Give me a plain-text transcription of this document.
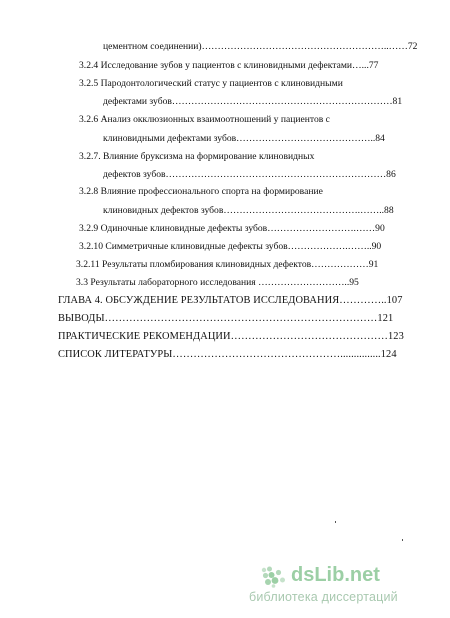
цементном соединении)…………………………………………………..……72
3.2.4 Исследование зубов у пациентов с клиновидными дефектами…...77
3.2.5 Пародонтологический статус у пациентов с клиновидными
дефектами зубов……………………………………………………………81
3.2.6 Анализ окклюзионных взаимоотношений у пациентов с
клиновидными дефектами зубов……………………………………..84
3.2.7. Влияние бруксизма на формирование клиновидных
дефектов зубов……………………………………………………………86
3.2.8 Влияние профессионального спорта на формирование
клиновидных дефектов зубов…………………………………….……..88
3.2.9 Одиночные клиновидные дефекты зубов……………………….……90
3.2.10 Симметричные клиновидные дефекты зубов……………….……..90
3.2.11 Результаты пломбирования клиновидных дефектов………………91
3.3 Результаты лабораторного исследования ………………………..95
ГЛАВА 4. ОБСУЖДЕНИЕ РЕЗУЛЬТАТОВ ИССЛЕДОВАНИЯ…………..107
ВЫВОДЫ……………………………………………………………………121
ПРАКТИЧЕСКИЕ РЕКОМЕНДАЦИИ………………………………………123
СПИСОК ЛИТЕРАТУРЫ…………………………………………...............124
dsLib.net
библиотека диссертаций
